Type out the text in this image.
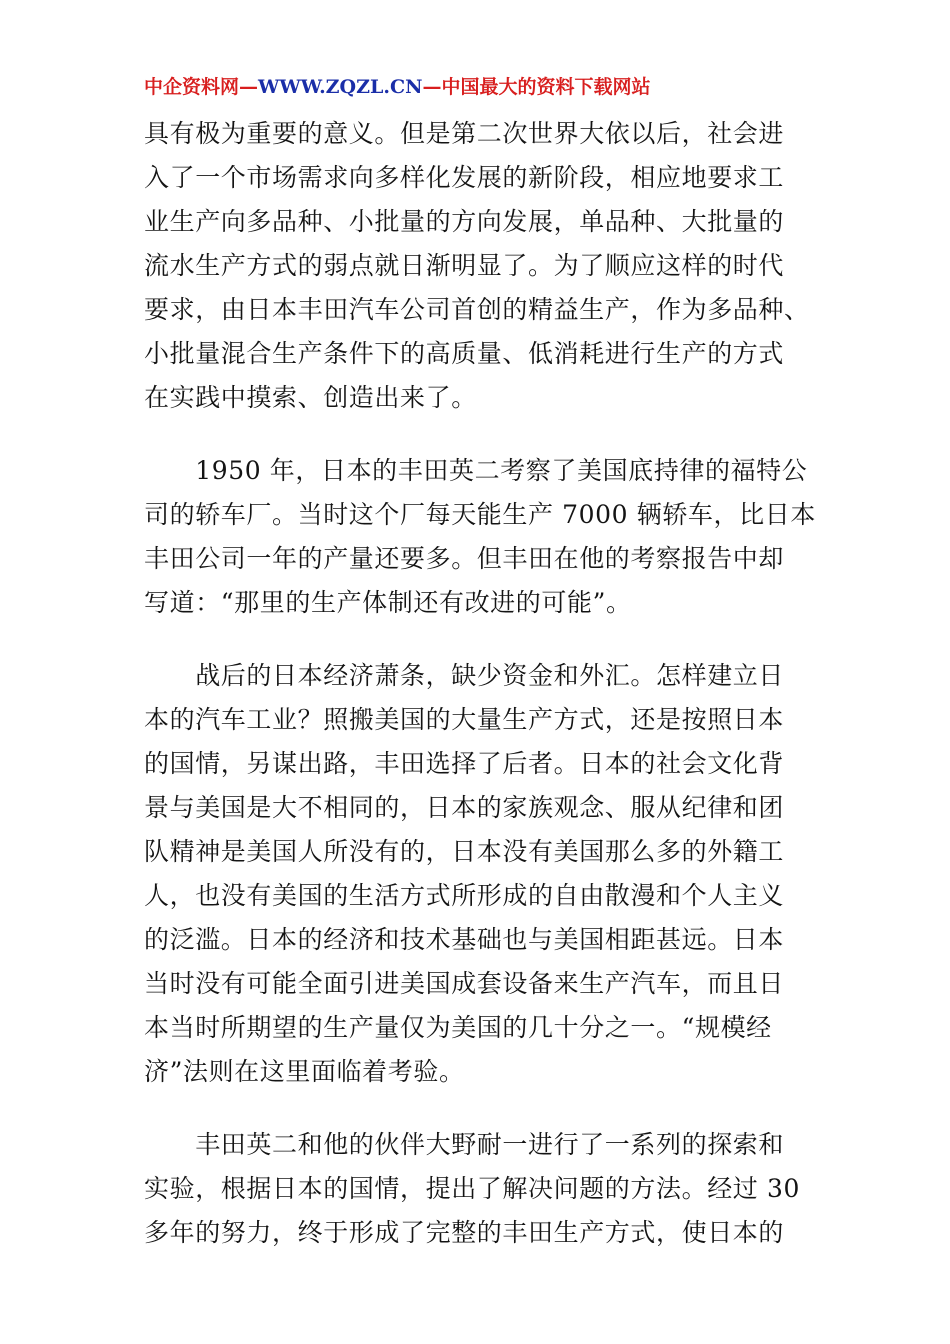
中企资料网—WWW.ZQZL.CN—中国最大的资料下载网站
具有极为重要的意义。但是第二次世界大依以后，社会进
入了一个市场需求向多样化发展的新阶段，相应地要求工
业生产向多品种、小批量的方向发展，单品种、大批量的
流水生产方式的弱点就日渐明显了。为了顺应这样的时代
要求，由日本丰田汽车公司首创的精益生产，作为多品种、
小批量混合生产条件下的高质量、低消耗进行生产的方式
在实践中摸索、创造出来了。
　　1950 年，日本的丰田英二考察了美国底持律的福特公
司的轿车厂。当时这个厂每天能生产 7000 辆轿车，比日本
丰田公司一年的产量还要多。但丰田在他的考察报告中却
写道：“那里的生产体制还有改进的可能”。
　　战后的日本经济萧条，缺少资金和外汇。怎样建立日
本的汽车工业？照搬美国的大量生产方式，还是按照日本
的国情，另谋出路，丰田选择了后者。日本的社会文化背
景与美国是大不相同的，日本的家族观念、服从纪律和团
队精神是美国人所没有的，日本没有美国那么多的外籍工
人，也没有美国的生活方式所形成的自由散漫和个人主义
的泛滥。日本的经济和技术基础也与美国相距甚远。日本
当时没有可能全面引进美国成套设备来生产汽车，而且日
本当时所期望的生产量仅为美国的几十分之一。“规模经
济”法则在这里面临着考验。
　　丰田英二和他的伙伴大野耐一进行了一系列的探索和
实验，根据日本的国情，提出了解决问题的方法。经过 30
多年的努力，终于形成了完整的丰田生产方式，使日本的
